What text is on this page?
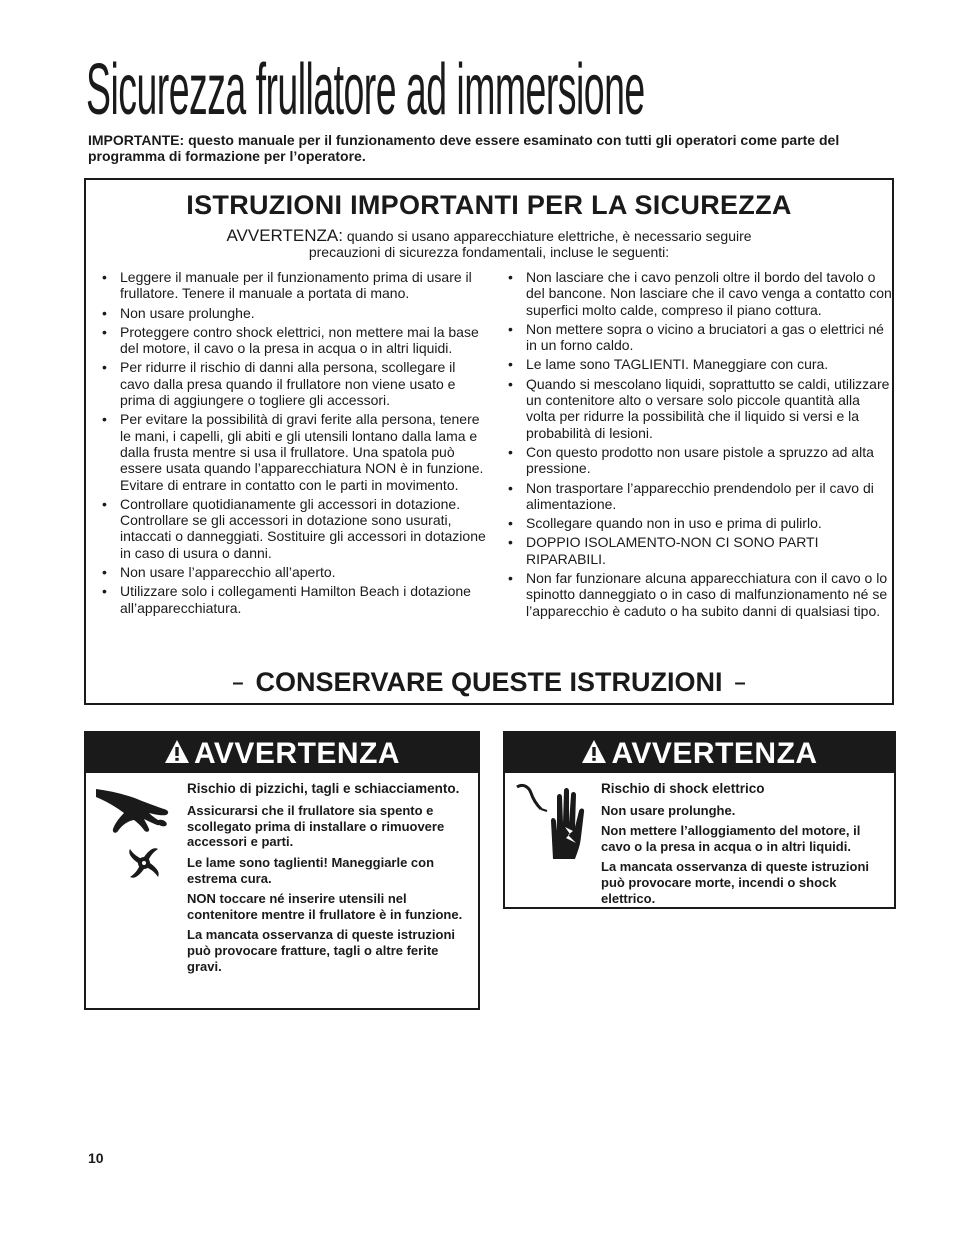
Sicurezza frullatore ad immersione
IMPORTANTE: questo manuale per il funzionamento deve essere esaminato con tutti gli operatori come parte del programma di formazione per l’operatore.
ISTRUZIONI IMPORTANTI PER LA SICUREZZA
AVVERTENZA: quando si usano apparecchiature elettriche, è necessario seguire
precauzioni di sicurezza fondamentali, incluse le seguenti:
• Leggere il manuale per il funzionamento prima di usare il frullatore. Tenere il manuale a portata di mano.
• Non usare prolunghe.
• Proteggere contro shock elettrici, non mettere mai la base del motore, il cavo o la presa in acqua o in altri liquidi.
• Per ridurre il rischio di danni alla persona, scollegare il cavo dalla presa quando il frullatore non viene usato e prima di aggiungere o togliere gli accessori.
• Per evitare la possibilità di gravi ferite alla persona, tenere le mani, i capelli, gli abiti e gli utensili lontano dalla lama e dalla frusta mentre si usa il frullatore. Una spatola può essere usata quando l’apparecchiatura NON è in funzione. Evitare di entrare in contatto con le parti in movimento.
• Controllare quotidianamente gli accessori in dotazione. Controllare se gli accessori in dotazione sono usurati, intaccati o danneggiati. Sostituire gli accessori in dotazione in caso di usura o danni.
• Non usare l’apparecchio all’aperto.
• Utilizzare solo i collegamenti Hamilton Beach i dotazione all’apparecchiatura.
• Non lasciare che i cavo penzoli oltre il bordo del tavolo o del bancone. Non lasciare che il cavo venga a contatto con superfici molto calde, compreso il piano cottura.
• Non mettere sopra o vicino a bruciatori a gas o elettrici né in un forno caldo.
• Le lame sono TAGLIENTI. Maneggiare con cura.
• Quando si mescolano liquidi, soprattutto se caldi, utilizzare un contenitore alto o versare solo piccole quantità alla volta per ridurre la possibilità che il liquido si versi e la probabilità di lesioni.
• Con questo prodotto non usare pistole a spruzzo ad alta pressione.
• Non trasportare l’apparecchio prendendolo per il cavo di alimentazione.
• Scollegare quando non in uso e prima di pulirlo.
• DOPPIO ISOLAMENTO-NON CI SONO PARTI RIPARABILI.
• Non far funzionare alcuna apparecchiatura con il cavo o lo spinotto danneggiato o in caso di malfunzionamento né se l’apparecchio è caduto o ha subito danni di qualsiasi tipo.
– CONSERVARE QUESTE ISTRUZIONI –
AVVERTENZA

Rischio di pizzichi, tagli e schiacciamento.

Assicurarsi che il frullatore sia spento e scollegato prima di installare o rimuovere accessori e parti.

Le lame sono taglienti! Maneggiarle con estrema cura.

NON toccare né inserire utensili nel contenitore mentre il frullatore è in funzione.

La mancata osservanza di queste istruzioni può provocare fratture, tagli o altre ferite gravi.

AVVERTENZA

Rischio di shock elettrico

Non usare prolunghe.

Non mettere l’alloggiamento del motore, il cavo o la presa in acqua o in altri liquidi.

La mancata osservanza di queste istruzioni può provocare morte, incendi o shock elettrico.

10
